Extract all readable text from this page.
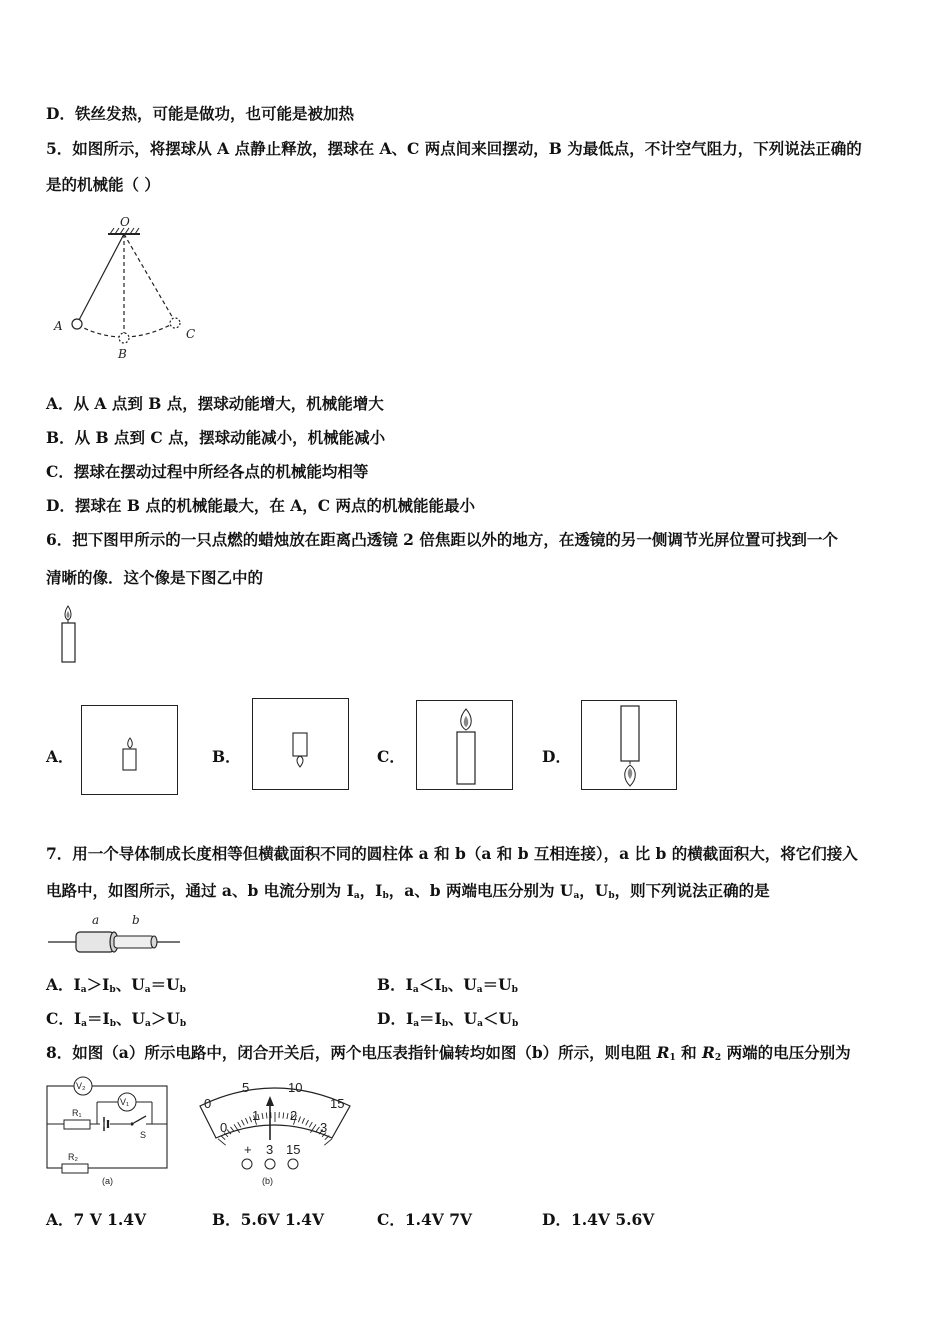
D．铁丝发热，可能是做功，也可能是被加热
5．如图所示，将摆球从 A 点静止释放，摆球在 A、C 两点间来回摆动，B 为最低点，不计空气阻力，下列说法正确的
是的机械能（ ）
O
A
B
C
A．从 A 点到 B 点，摆球动能增大，机械能增大
B．从 B 点到 C 点，摆球动能减小，机械能减小
C．摆球在摆动过程中所经各点的机械能均相等
D．摆球在 B 点的机械能最大，在 A，C 两点的机械能能最小
6．把下图甲所示的一只点燃的蜡烛放在距离凸透镜 2 倍焦距以外的地方，在透镜的另一侧调节光屏位置可找到一个
清晰的像．这个像是下图乙中的
A．	B．	C．	D．
7．用一个导体制成长度相等但横截面积不同的圆柱体 a 和 b（a 和 b 互相连接），a 比 b 的横截面积大，将它们接入
电路中，如图所示，通过 a、b 电流分别为 $I_a$，$I_b$，a、b 两端电压分别为 $U_a$，$U_b$，则下列说法正确的是
a	b
A．$I_a>I_b$、$U_a=U_b$	B．$I_a<I_b$、$U_a=U_b$
C．$I_a=I_b$、$U_a>U_b$	D．$I_a=I_b$、$U_a<U_b$
8．如图（a）所示电路中，闭合开关后，两个电压表指针偏转均如图（b）所示，则电阻 $R_1$ 和 $R_2$ 两端的电压分别为
R₁
S
V₂
V₁
R₂
(a)
0
5	10
15
0
1 2
3
+ 3 15
(b)
A．7 V 1.4V	B．5.6V 1.4V	C．1.4V 7V	D．1.4V 5.6V
